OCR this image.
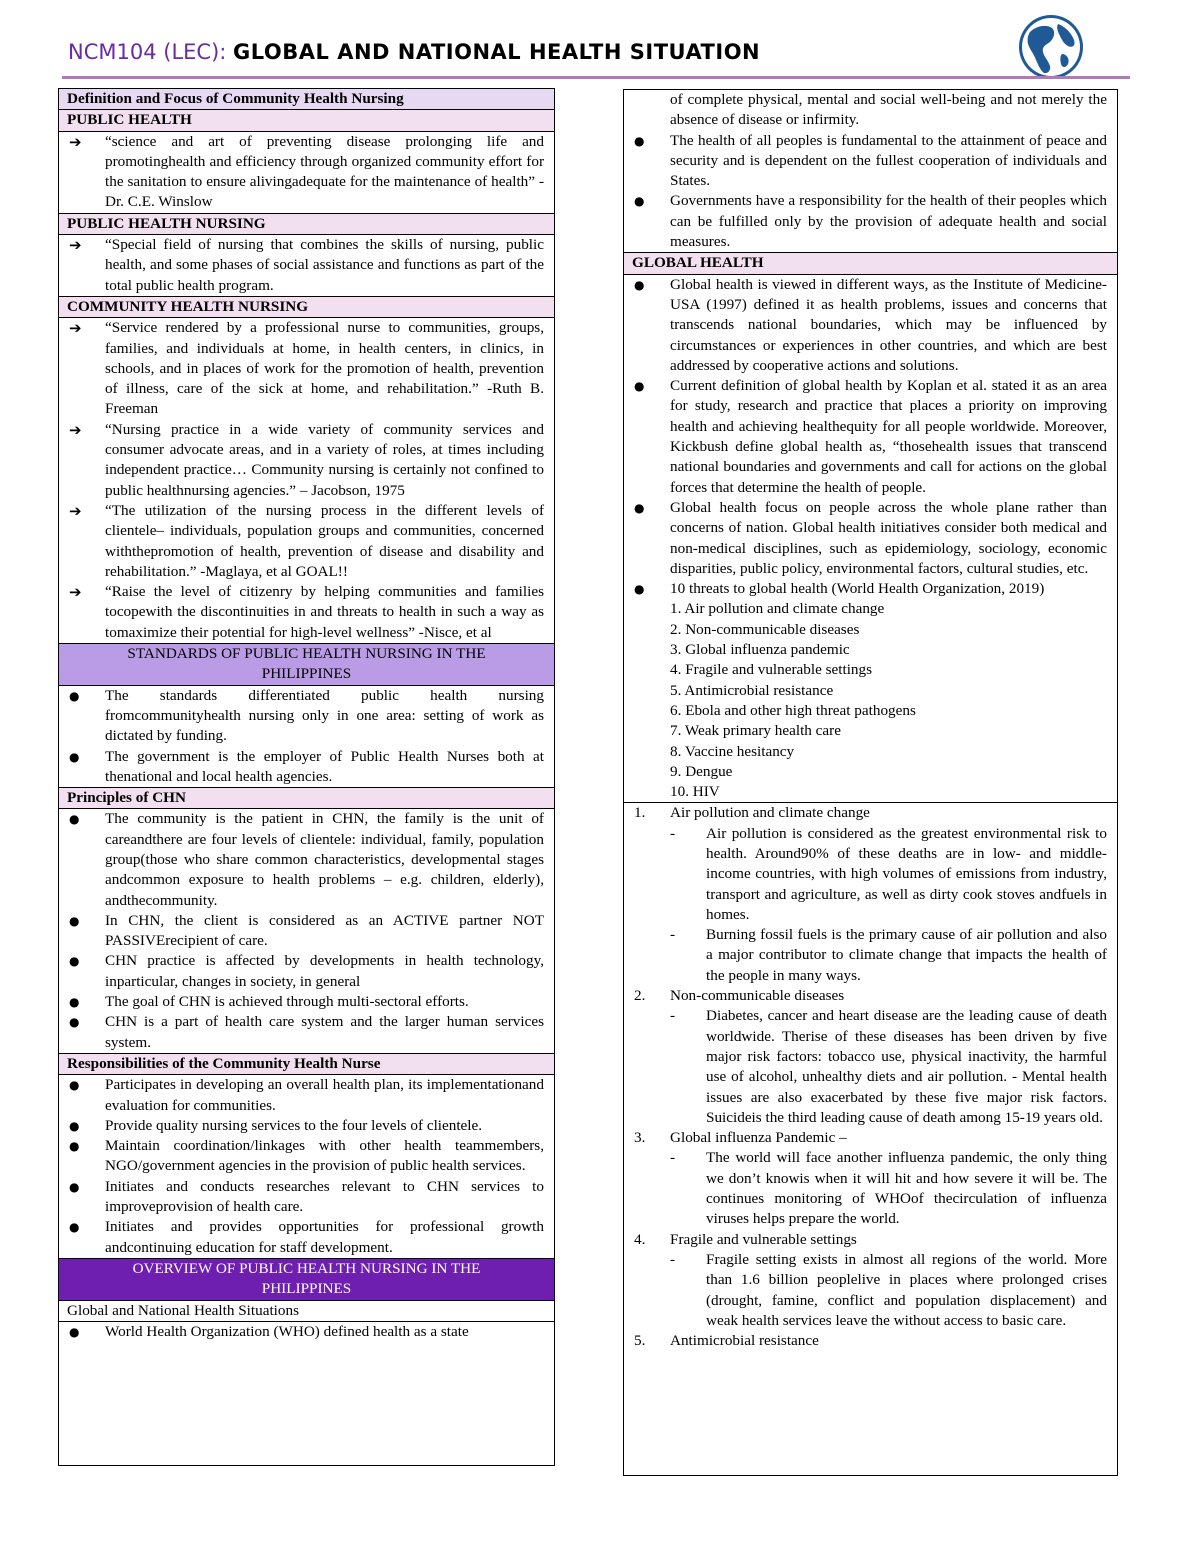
NCM104 (LEC): GLOBAL AND NATIONAL HEALTH SITUATION
Definition and Focus of Community Health Nursing
PUBLIC HEALTH
➔	“science and art of preventing disease prolonging life and promotinghealth and efficiency through organized community effort for the sanitation to ensure alivingadequate for the maintenance of health” - Dr. C.E. Winslow
PUBLIC HEALTH NURSING
➔	“Special field of nursing that combines the skills of nursing, public health, and some phases of social assistance and functions as part of the total public health program.
COMMUNITY HEALTH NURSING
➔	“Service rendered by a professional nurse to communities, groups, families, and individuals at home, in health centers, in clinics, in schools, and in places of work for the promotion of health, prevention of illness, care of the sick at home, and rehabilitation.” -Ruth B. Freeman
➔	“Nursing practice in a wide variety of community services and consumer advocate areas, and in a variety of roles, at times including independent practice… Community nursing is certainly not confined to public healthnursing agencies.” – Jacobson, 1975
➔	“The utilization of the nursing process in the different levels of clientele– individuals, population groups and communities, concerned withthepromotion of health, prevention of disease and disability and rehabilitation.” -Maglaya, et al GOAL!!
➔	“Raise the level of citizenry by helping communities and families tocopewith the discontinuities in and threats to health in such a way as tomaximize their potential for high-level wellness” -Nisce, et al
STANDARDS OF PUBLIC HEALTH NURSING IN THE PHILIPPINES
●	The standards differentiated public health nursing fromcommunityhealth nursing only in one area: setting of work as dictated by funding.
●	The government is the employer of Public Health Nurses both at thenational and local health agencies.
Principles of CHN
●	The community is the patient in CHN, the family is the unit of careandthere are four levels of clientele: individual, family, population group(those who share common characteristics, developmental stages andcommon exposure to health problems – e.g. children, elderly), andthecommunity.
●	In CHN, the client is considered as an ACTIVE partner NOT PASSIVErecipient of care.
●	CHN practice is affected by developments in health technology, inparticular, changes in society, in general
●	The goal of CHN is achieved through multi-sectoral efforts.
●	CHN is a part of health care system and the larger human services system.
Responsibilities of the Community Health Nurse
●	Participates in developing an overall health plan, its implementationand evaluation for communities.
●	Provide quality nursing services to the four levels of clientele.
●	Maintain coordination/linkages with other health teammembers, NGO/government agencies in the provision of public health services.
●	Initiates and conducts researches relevant to CHN services to improveprovision of health care.
●	Initiates and provides opportunities for professional growth andcontinuing education for staff development.
OVERVIEW OF PUBLIC HEALTH NURSING IN THE PHILIPPINES
Global and National Health Situations
●	World Health Organization (WHO) defined health as a state
of complete physical, mental and social well-being and not merely the absence of disease or infirmity.
●	The health of all peoples is fundamental to the attainment of peace and security and is dependent on the fullest cooperation of individuals and States.
●	Governments have a responsibility for the health of their peoples which can be fulfilled only by the provision of adequate health and social measures.
GLOBAL HEALTH
●	Global health is viewed in different ways, as the Institute of Medicine- USA (1997) defined it as health problems, issues and concerns that transcends national boundaries, which may be influenced by circumstances or experiences in other countries, and which are best addressed by cooperative actions and solutions.
●	Current definition of global health by Koplan et al. stated it as an area for study, research and practice that places a priority on improving health and achieving healthequity for all people worldwide. Moreover, Kickbush define global health as, “thosehealth issues that transcend national boundaries and governments and call for actions on the global forces that determine the health of people.
●	Global health focus on people across the whole plane rather than concerns of nation. Global health initiatives consider both medical and non-medical disciplines, such as epidemiology, sociology, economic disparities, public policy, environmental factors, cultural studies, etc.
●	10 threats to global health (World Health Organization, 2019)
1. Air pollution and climate change
2. Non-communicable diseases
3. Global influenza pandemic
4. Fragile and vulnerable settings
5. Antimicrobial resistance
6. Ebola and other high threat pathogens
7. Weak primary health care
8. Vaccine hesitancy
9. Dengue
10. HIV
1.	Air pollution and climate change
-	Air pollution is considered as the greatest environmental risk to health. Around90% of these deaths are in low- and middle-income countries, with high volumes of emissions from industry, transport and agriculture, as well as dirty cook stoves andfuels in homes.
-	Burning fossil fuels is the primary cause of air pollution and also a major contributor to climate change that impacts the health of the people in many ways.
2.	Non-communicable diseases
-	Diabetes, cancer and heart disease are the leading cause of death worldwide. Therise of these diseases has been driven by five major risk factors: tobacco use, physical inactivity, the harmful use of alcohol, unhealthy diets and air pollution. - Mental health issues are also exacerbated by these five major risk factors. Suicideis the third leading cause of death among 15-19 years old.
3.	Global influenza Pandemic –
-	The world will face another influenza pandemic, the only thing we don’t knowis when it will hit and how severe it will be. The continues monitoring of WHOof thecirculation of influenza viruses helps prepare the world.
4.	Fragile and vulnerable settings
-	Fragile setting exists in almost all regions of the world. More than 1.6 billion peoplelive in places where prolonged crises (drought, famine, conflict and population displacement) and weak health services leave the without access to basic care.
5.	Antimicrobial resistance
